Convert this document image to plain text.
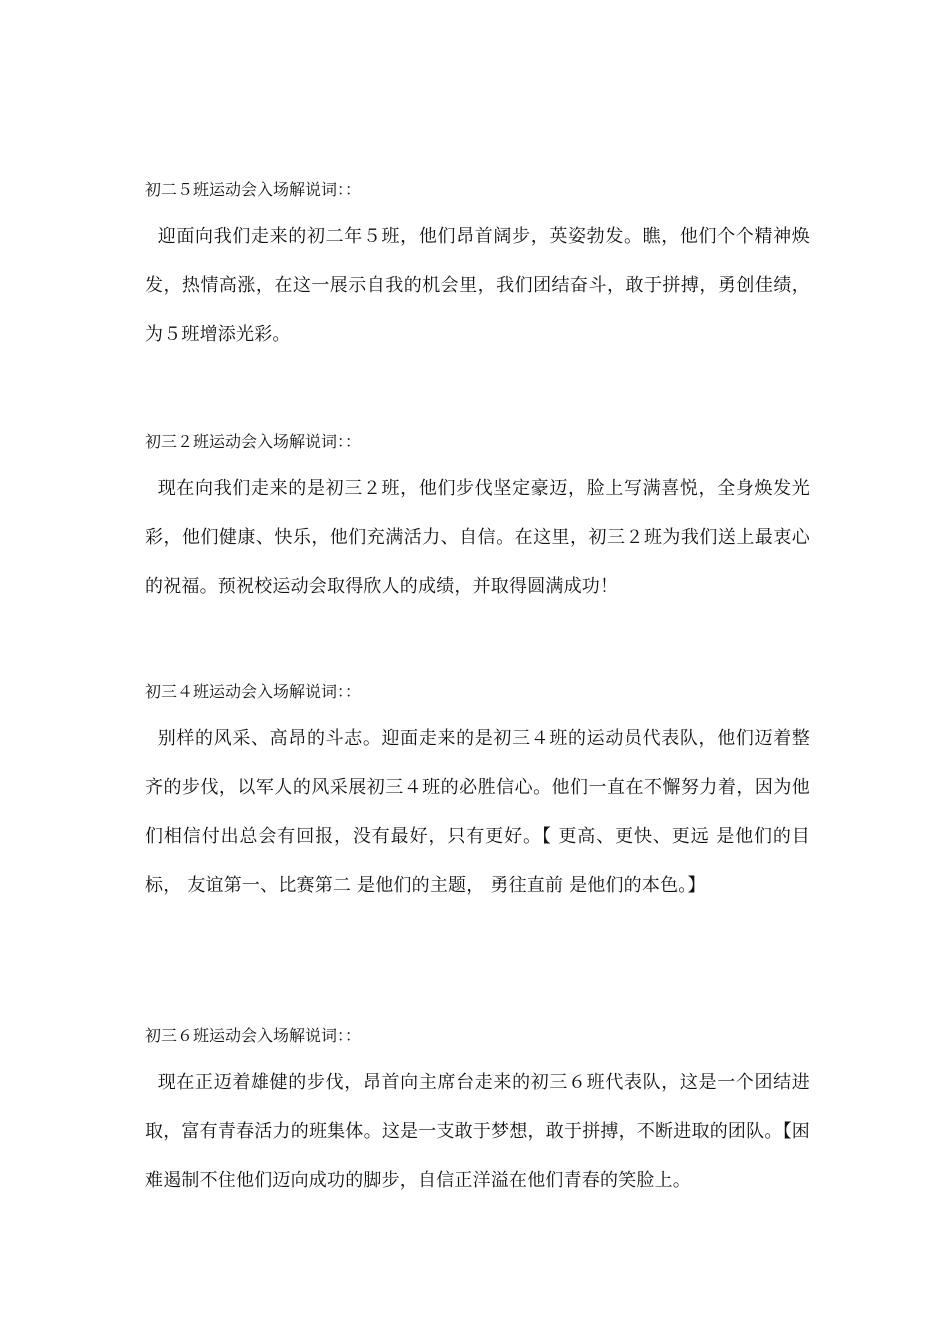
初二５班运动会入场解说词：：

迎面向我们走来的初二年５班，他们昂首阔步，英姿勃发。瞧，他们个个精神焕发，热情高涨，在这一展示自我的机会里，我们团结奋斗，敢于拼搏，勇创佳绩，为５班增添光彩。

初三２班运动会入场解说词：：

现在向我们走来的是初三２班，他们步伐坚定豪迈，脸上写满喜悦，全身焕发光彩，他们健康、快乐，他们充满活力、自信。在这里，初三２班为我们送上最衷心的祝福。预祝校运动会取得欣人的成绩，并取得圆满成功！

初三４班运动会入场解说词：：

别样的风采、高昂的斗志。迎面走来的是初三４班的运动员代表队，他们迈着整齐的步伐，以军人的风采展初三４班的必胜信心。他们一直在不懈努力着，因为他们相信付出总会有回报，没有最好，只有更好。【 更高、更快、更远 是他们的目标， 友谊第一、比赛第二 是他们的主题， 勇往直前 是他们的本色。】

初三６班运动会入场解说词：：

现在正迈着雄健的步伐，昂首向主席台走来的初三６班代表队，这是一个团结进取，富有青春活力的班集体。这是一支敢于梦想，敢于拼搏，不断进取的团队。【困难遏制不住他们迈向成功的脚步，自信正洋溢在他们青春的笑脸上。
